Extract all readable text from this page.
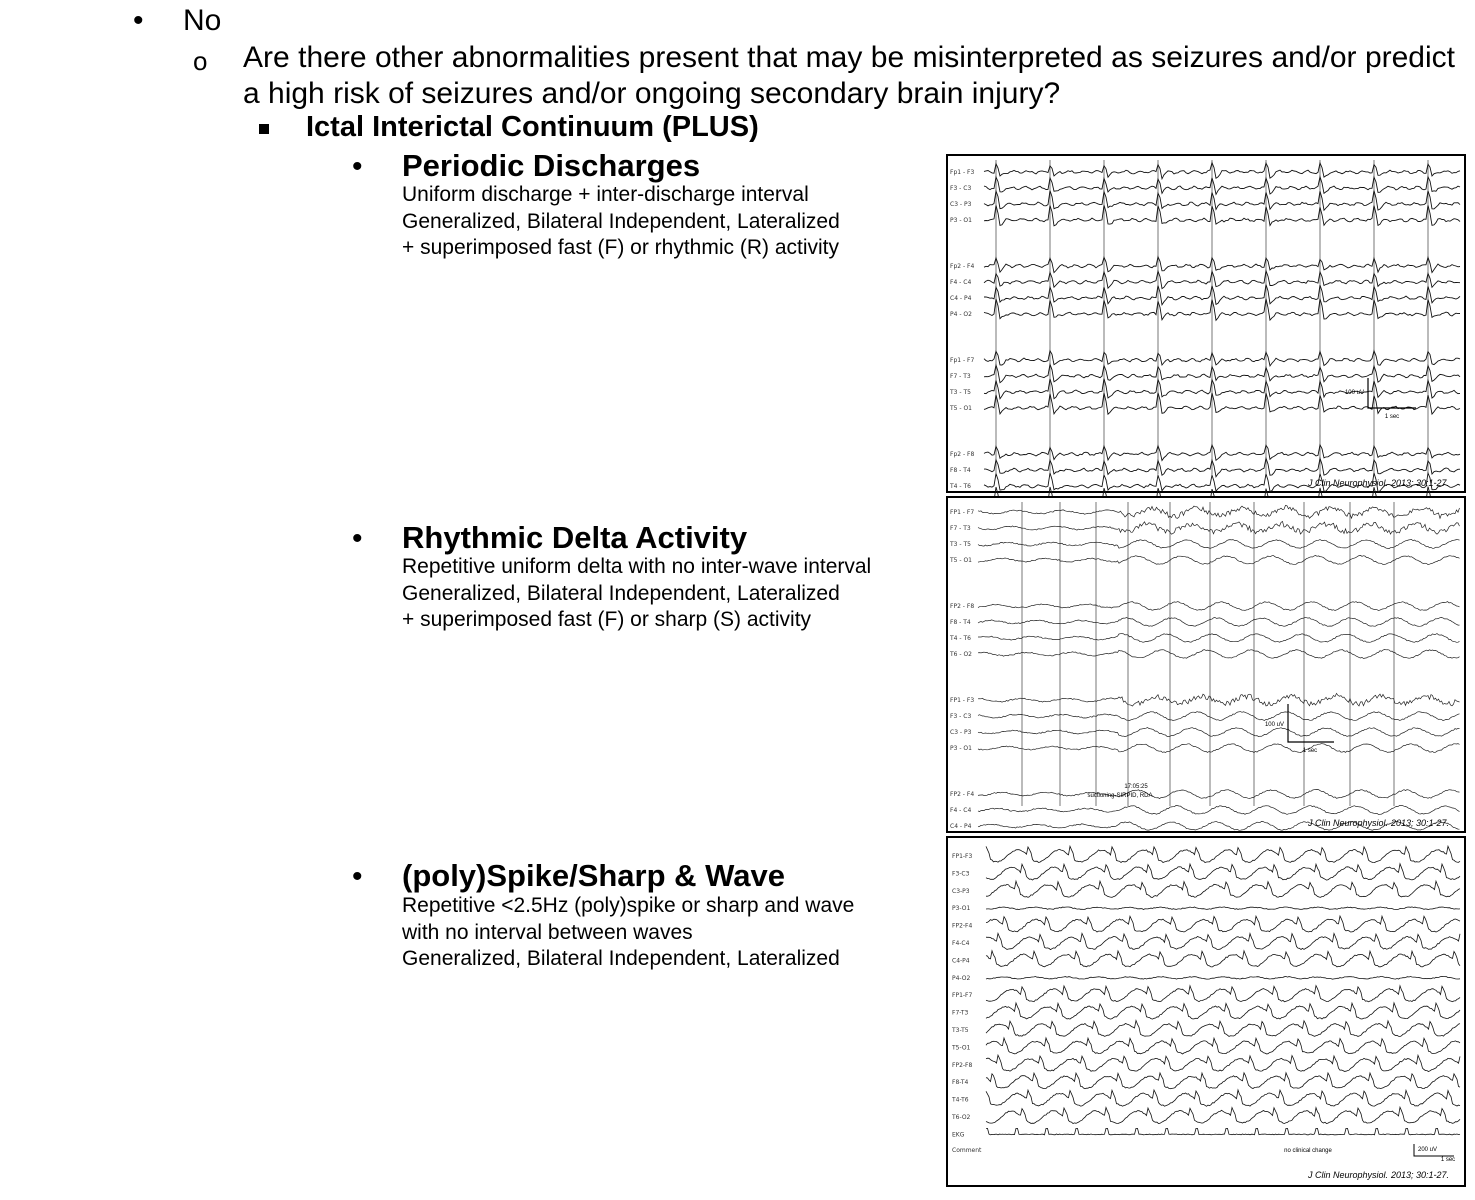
• No
o Are there other abnormalities present that may be misinterpreted as seizures and/or predict a high risk of seizures and/or ongoing secondary brain injury?
Ictal Interictal Continuum (PLUS)
• Periodic Discharges
Uniform discharge + inter-discharge interval
Generalized, Bilateral Independent, Lateralized
+ superimposed fast (F) or rhythmic (R) activity
• Rhythmic Delta Activity
Repetitive uniform delta with no inter-wave interval
Generalized, Bilateral Independent, Lateralized
+ superimposed fast (F) or sharp (S) activity
• (poly)Spike/Sharp & Wave
Repetitive <2.5Hz (poly)spike or sharp and wave
with no interval between waves
Generalized, Bilateral Independent, Lateralized
Fp1 - F3
F3 - C3
C3 - P3
P3 - O1
Fp2 - F4
F4 - C4
C4 - P4
P4 - O2
Fp1 - F7
F7 - T3
T3 - T5
T5 - O1
Fp2 - F8
F8 - T4
T4 - T6
100 uV
1 sec
J Clin Neurophysiol. 2013; 30:1-27.
FP1 - F7
F7 - T3
T3 - T5
T5 - O1
FP2 - F8
F8 - T4
T4 - T6
T6 - O2
FP1 - F3
F3 - C3
C3 - P3
P3 - O1
FP2 - F4
F4 - C4
C4 - P4
100 uV
1 sec
17:05:25
suctioning-SIRPID, RDA
J Clin Neurophysiol. 2013; 30:1-27.
FP1-F3
F3-C3
C3-P3
P3-O1
FP2-F4
F4-C4
C4-P4
P4-O2
FP1-F7
F7-T3
T3-T5
T5-O1
FP2-F8
F8-T4
T4-T6
T6-O2
EKG
Comment	no clinical change	200 uV
1 sec
J Clin Neurophysiol. 2013; 30:1-27.
